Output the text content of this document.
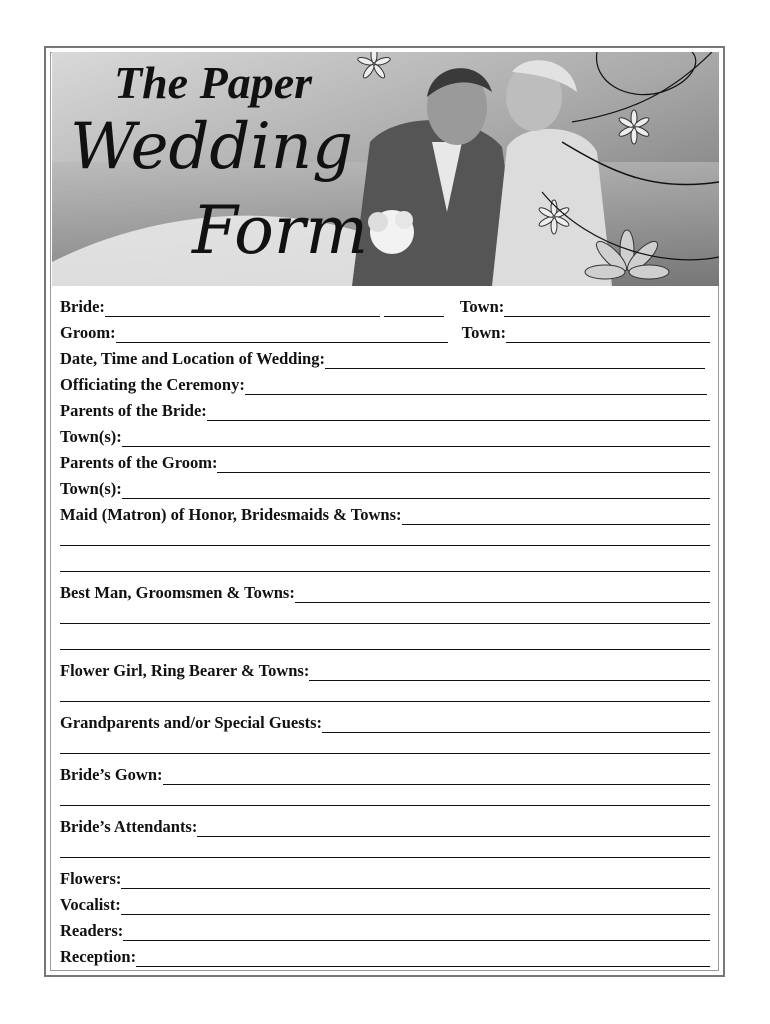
The Paper
Wedding
Form
Bride:	Town:
Groom:	Town:
Date, Time and Location of Wedding:
Officiating the Ceremony:
Parents of the Bride:
Town(s):
Parents of the Groom:
Town(s):
Maid (Matron) of Honor, Bridesmaids & Towns:
Best Man, Groomsmen & Towns:
Flower Girl, Ring Bearer & Towns:
Grandparents and/or Special Guests:
Bride’s Gown:
Bride’s Attendants:
Flowers:
Vocalist:
Readers:
Reception:
